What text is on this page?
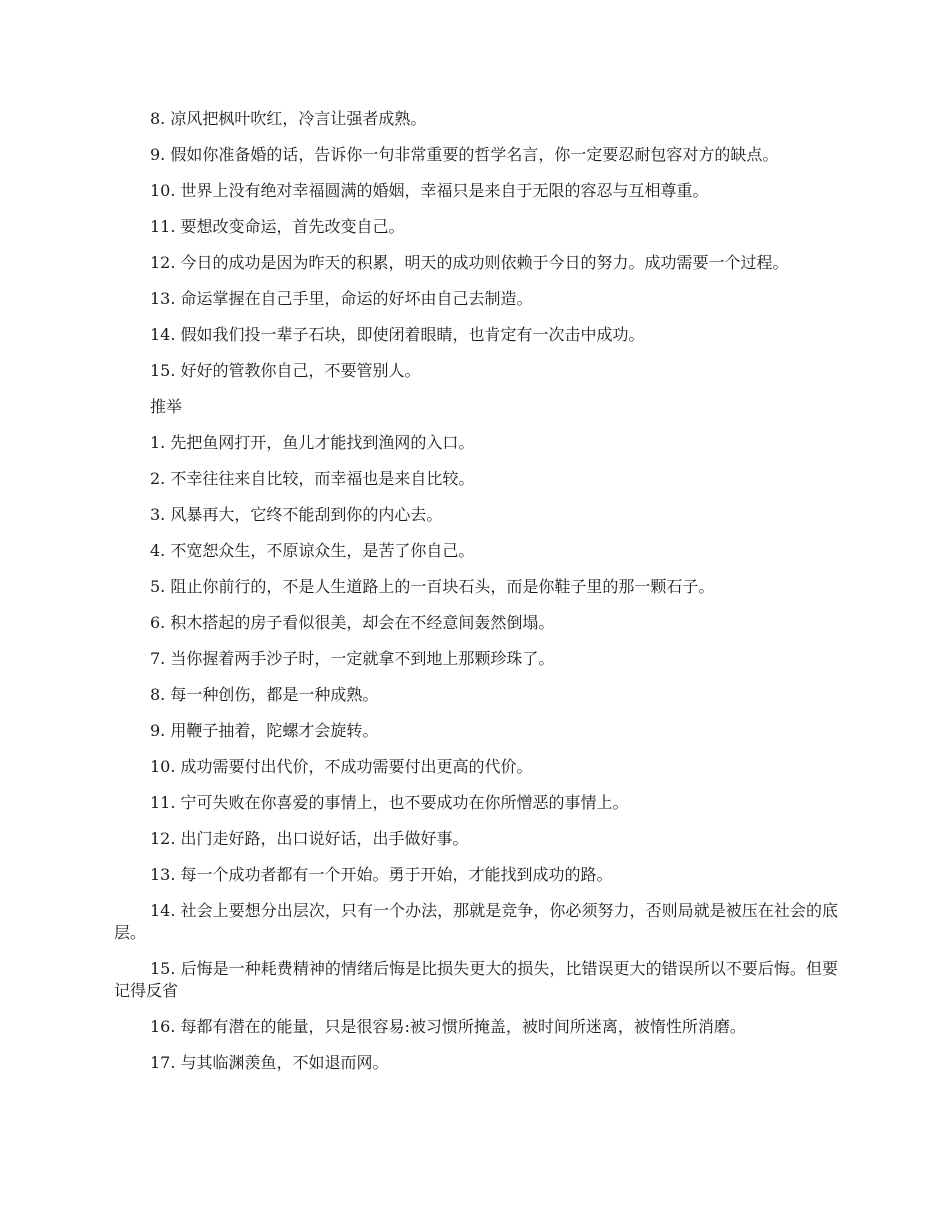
8. 凉风把枫叶吹红，冷言让强者成熟。

9. 假如你准备婚的话，告诉你一句非常重要的哲学名言，你一定要忍耐包容对方的缺点。

10. 世界上没有绝对幸福圆满的婚姻，幸福只是来自于无限的容忍与互相尊重。

11. 要想改变命运，首先改变自己。

12. 今日的成功是因为昨天的积累，明天的成功则依赖于今日的努力。成功需要一个过程。

13. 命运掌握在自己手里，命运的好坏由自己去制造。

14. 假如我们投一辈子石块，即使闭着眼睛，也肯定有一次击中成功。

15. 好好的管教你自己，不要管别人。

推举

1. 先把鱼网打开，鱼儿才能找到渔网的入口。

2. 不幸往往来自比较，而幸福也是来自比较。

3. 风暴再大，它终不能刮到你的内心去。

4. 不宽恕众生，不原谅众生，是苦了你自己。

5. 阻止你前行的，不是人生道路上的一百块石头，而是你鞋子里的那一颗石子。

6. 积木搭起的房子看似很美，却会在不经意间轰然倒塌。

7. 当你握着两手沙子时，一定就拿不到地上那颗珍珠了。

8. 每一种创伤，都是一种成熟。

9. 用鞭子抽着，陀螺才会旋转。

10. 成功需要付出代价，不成功需要付出更高的代价。

11. 宁可失败在你喜爱的事情上，也不要成功在你所憎恶的事情上。

12. 出门走好路，出口说好话，出手做好事。

13. 每一个成功者都有一个开始。勇于开始，才能找到成功的路。

14. 社会上要想分出层次，只有一个办法，那就是竞争，你必须努力，否则局就是被压在社会的底层。

15. 后悔是一种耗费精神的情绪后悔是比损失更大的损失，比错误更大的错误所以不要后悔。但要记得反省

16. 每都有潜在的能量，只是很容易:被习惯所掩盖，被时间所迷离，被惰性所消磨。

17. 与其临渊羡鱼，不如退而网。
